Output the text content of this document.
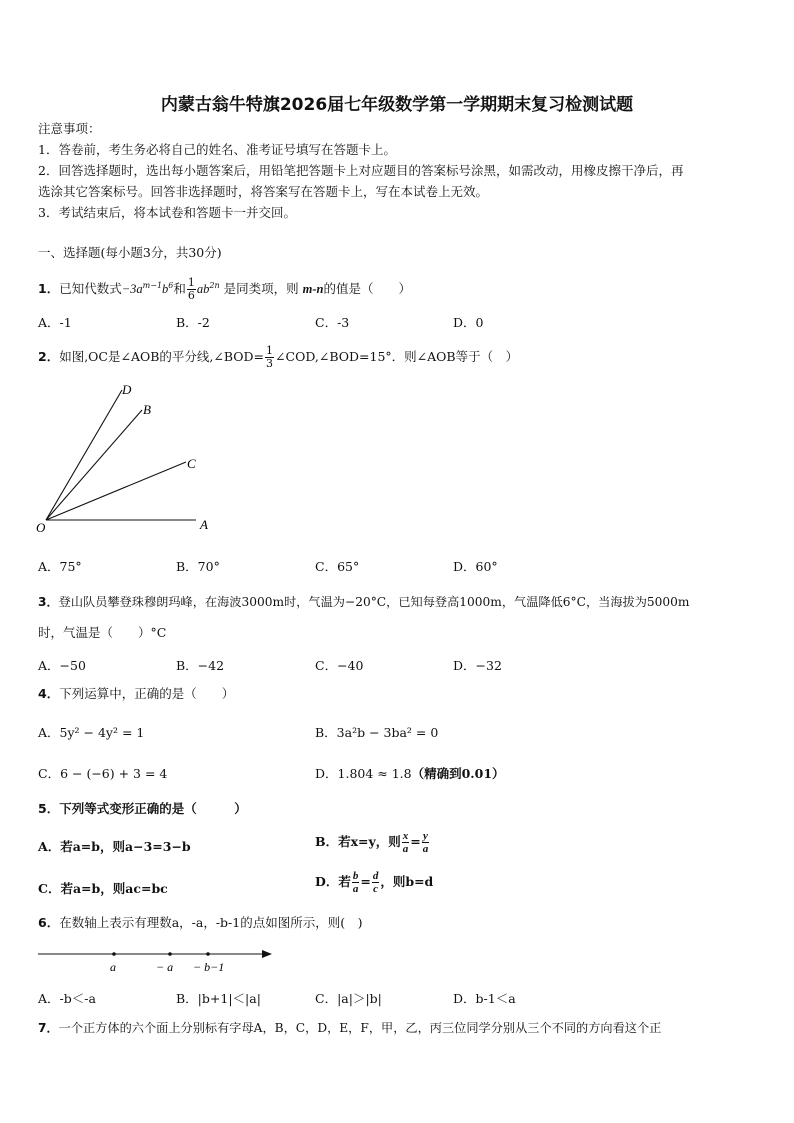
内蒙古翁牛特旗2026届七年级数学第一学期期末复习检测试题
注意事项：
1．答卷前，考生务必将自己的姓名、准考证号填写在答题卡上。
2．回答选择题时，选出每小题答案后，用铅笔把答题卡上对应题目的答案标号涂黑，如需改动，用橡皮擦干净后，再
选涂其它答案标号。回答非选择题时，将答案写在答题卡上，写在本试卷上无效。
3．考试结束后，将本试卷和答题卡一并交回。
一、选择题(每小题3分，共30分)
1．已知代数式$-3a^{m-1}b^6$和 $\frac{1}{6} ab^{2n}$ 是同类项，则 m-n的值是（　　）
A．-1	B．-2	C．-3	D．0
2．如图,OC是∠AOB的平分线,∠BOD= $\frac{1}{3}$ ∠COD,∠BOD=15°．则∠AOB等于（　）
D
B
C
O	A
A．75°	B．70°	C．65°	D．60°
3．登山队员攀登珠穆朗玛峰，在海波3000m时，气温为−20°C，已知每登高1000m，气温降低6°C，当海拔为5000m
时，气温是（　　）°C
A．−50	B．−42	C．−40	D．−32
4．下列运算中，正确的是（　　）
A．5y² − 4y² = 1	B．3a²b − 3ba² = 0
C．6 − (−6) + 3 = 4	D．1.804 ≈ 1.8（精确到0.01）
5．下列等式变形正确的是（　　　）
A．若a=b，则a−3=3−b	B．若x=y，则 $\frac{x}{a} = \frac{y}{a}$
C．若a=b，则ac=bc	D．若 $\frac{b}{a} = \frac{d}{c}$ ，则b=d
6．在数轴上表示有理数a，-a，-b-1的点如图所示，则(　)
a	− a − b−1
A．-b＜-a	B．|b+1|＜|a|	C．|a|＞|b|	D．b-1＜a
7．一个正方体的六个面上分别标有字母A，B，C，D，E，F，甲，乙，丙三位同学分别从三个不同的方向看这个正
